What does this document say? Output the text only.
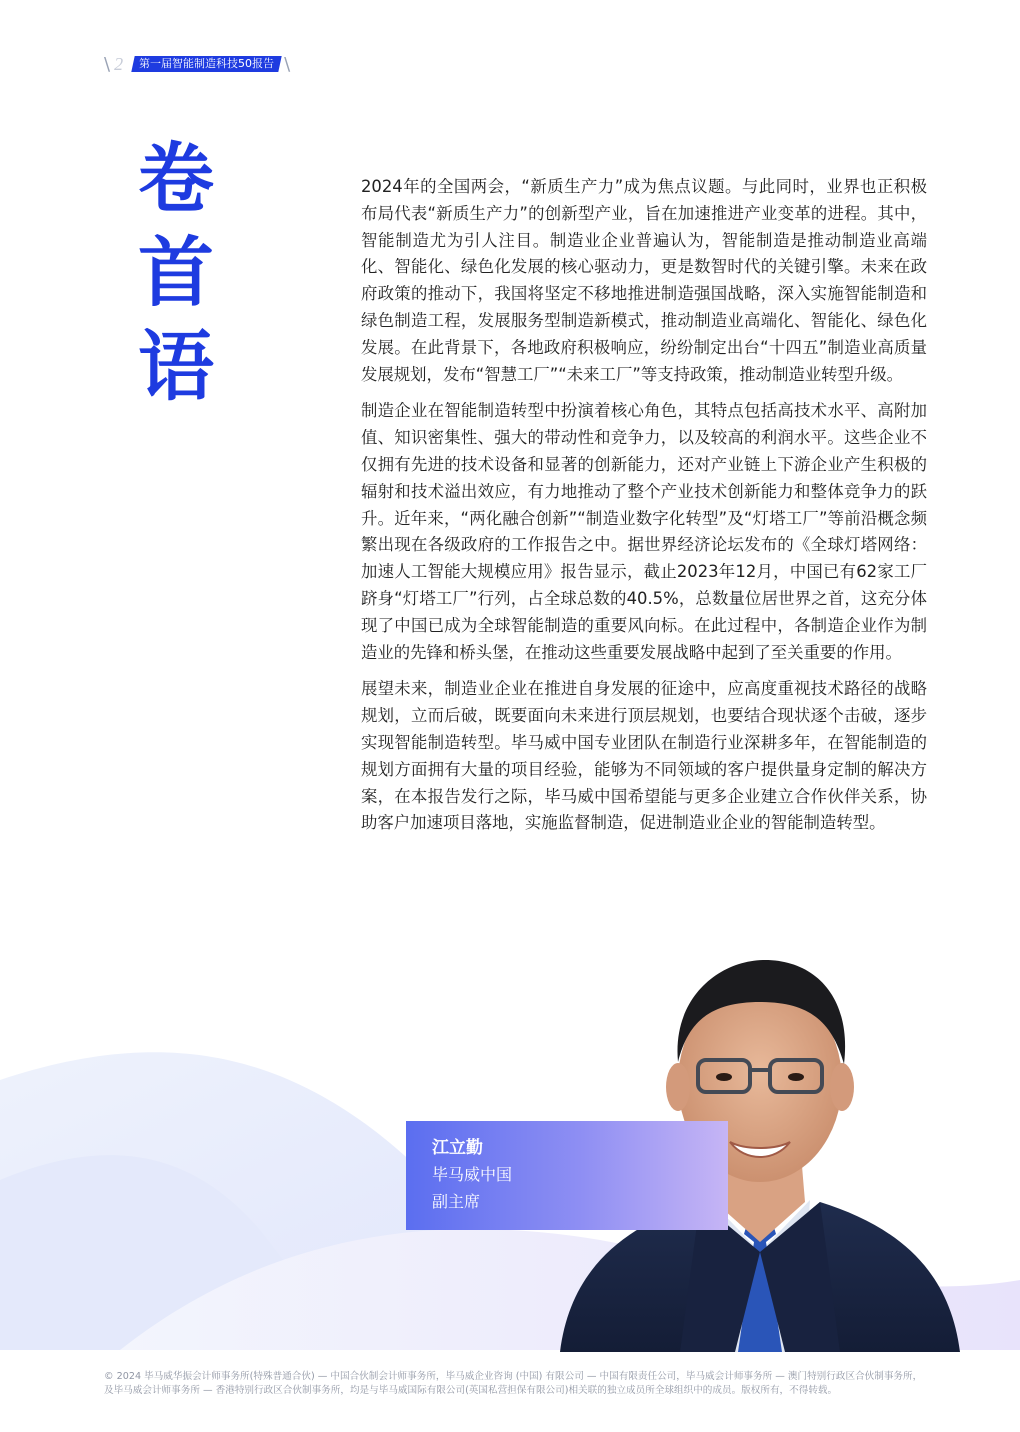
\ 2	第一届智能制造科技50报告 \
卷
首
语

2024年的全国两会，“新质生产力”成为焦点议题。与此同时，业界也正积极布局代表“新质生产力”的创新型产业，旨在加速推进产业变革的进程。其中，智能制造尤为引人注目。制造业企业普遍认为，智能制造是推动制造业高端化、智能化、绿色化发展的核心驱动力，更是数智时代的关键引擎。未来在政府政策的推动下，我国将坚定不移地推进制造强国战略，深入实施智能制造和绿色制造工程，发展服务型制造新模式，推动制造业高端化、智能化、绿色化发展。在此背景下，各地政府积极响应，纷纷制定出台“十四五”制造业高质量发展规划，发布“智慧工厂”“未来工厂”等支持政策，推动制造业转型升级。

制造企业在智能制造转型中扮演着核心角色，其特点包括高技术水平、高附加值、知识密集性、强大的带动性和竞争力，以及较高的利润水平。这些企业不仅拥有先进的技术设备和显著的创新能力，还对产业链上下游企业产生积极的辐射和技术溢出效应，有力地推动了整个产业技术创新能力和整体竞争力的跃升。近年来，“两化融合创新”“制造业数字化转型”及“灯塔工厂”等前沿概念频繁出现在各级政府的工作报告之中。据世界经济论坛发布的《全球灯塔网络：加速人工智能大规模应用》报告显示，截止2023年12月，中国已有62家工厂跻身“灯塔工厂”行列，占全球总数的40.5%，总数量位居世界之首，这充分体现了中国已成为全球智能制造的重要风向标。在此过程中，各制造企业作为制造业的先锋和桥头堡，在推动这些重要发展战略中起到了至关重要的作用。

展望未来，制造业企业在推进自身发展的征途中，应高度重视技术路径的战略规划，立而后破，既要面向未来进行顶层规划，也要结合现状逐个击破，逐步实现智能制造转型。毕马威中国专业团队在制造行业深耕多年，在智能制造的规划方面拥有大量的项目经验，能够为不同领域的客户提供量身定制的解决方案，在本报告发行之际，毕马威中国希望能与更多企业建立合作伙伴关系，协助客户加速项目落地，实施监督制造，促进制造业企业的智能制造转型。

江立勤
毕马威中国
副主席
© 2024 毕马威华振会计师事务所(特殊普通合伙) — 中国合伙制会计师事务所，毕马威企业咨询 (中国) 有限公司 — 中国有限责任公司，毕马威会计师事务所 — 澳门特别行政区合伙制事务所，及毕马威会计师事务所 — 香港特别行政区合伙制事务所，均是与毕马威国际有限公司(英国私营担保有限公司)相关联的独立成员所全球组织中的成员。版权所有，不得转载。
